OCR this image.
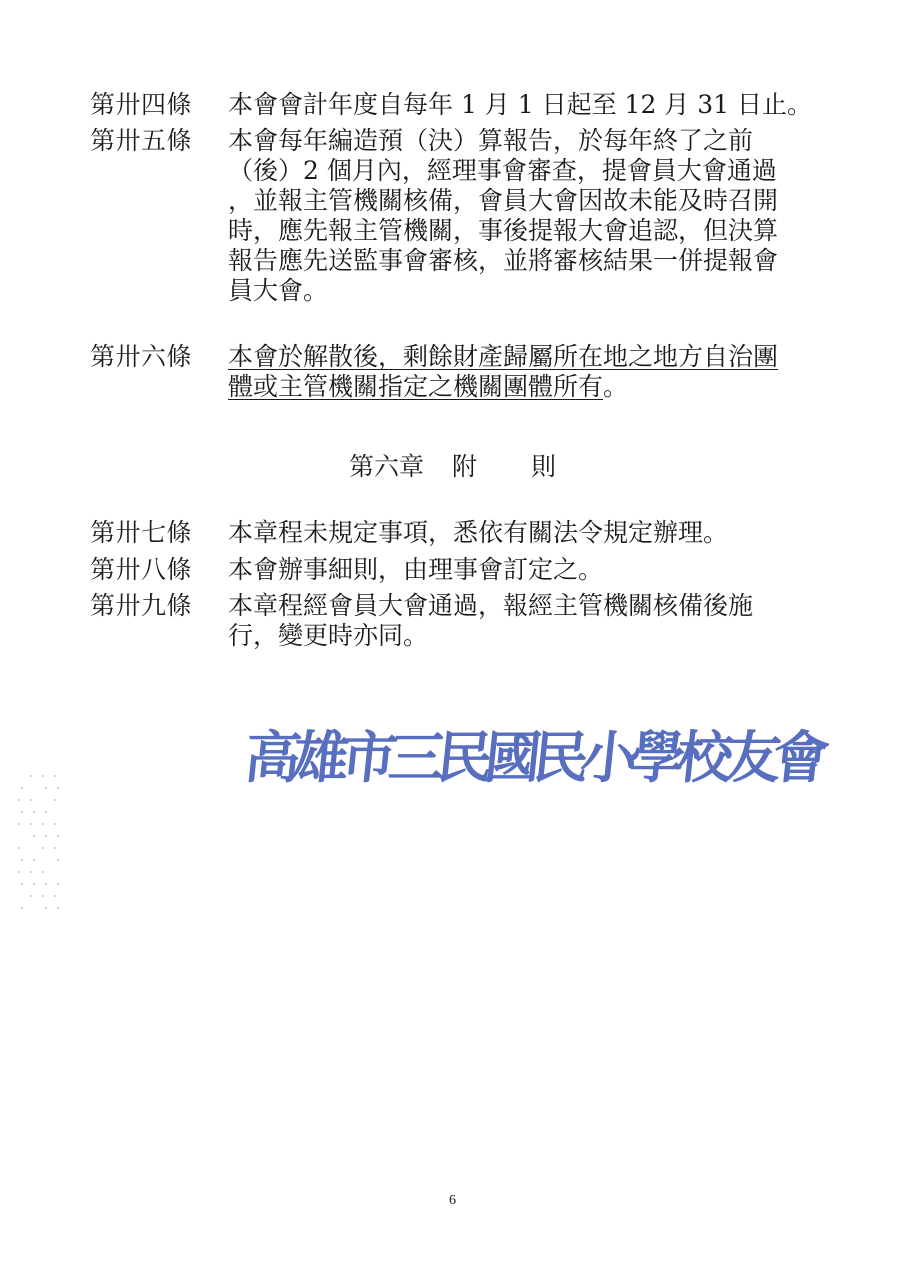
第卅四條 本會會計年度自每年 1 月 1 日起至 12 月 31 日止。
第卅五條 本會每年編造預（決）算報告，於每年終了之前
（後）2 個月內，經理事會審查，提會員大會通過
，並報主管機關核備，會員大會因故未能及時召開
時，應先報主管機關，事後提報大會追認，但決算
報告應先送監事會審核，並將審核結果一併提報會
員大會。
第卅六條 本會於解散後，剩餘財產歸屬所在地之地方自治團
體或主管機關指定之機關團體所有。
第六章 附 則
第卅七條 本章程未規定事項，悉依有關法令規定辦理。
第卅八條 本會辦事細則，由理事會訂定之。
第卅九條 本章程經會員大會通過，報經主管機關核備後施
行，變更時亦同。
高雄市三民國民小學校友會
6
